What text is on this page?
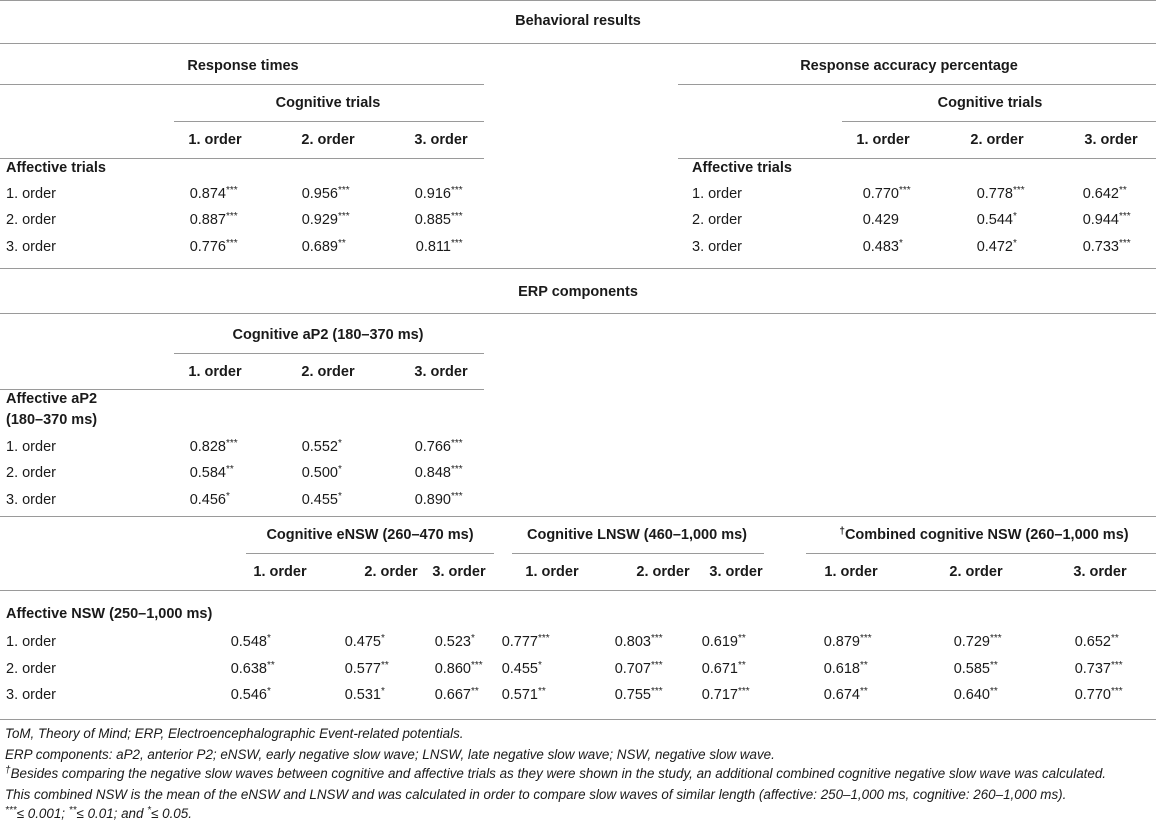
Behavioral results
Response times
Cognitive trials
1. order	2. order	3. order
Affective trials
Response accuracy percentage
Cognitive trials
1. order	2. order	3. order
Affective trials
1. order	0.874***	0.956***	0.916***
2. order	0.887***	0.929***	0.885***
3. order	0.776***	0.689**	0.811***
1. order	0.770***	0.778***	0.642**
2. order	0.429	0.544*	0.944***
3. order	0.483*	0.472*	0.733***
ERP components
Cognitive aP2 (180–370 ms)
1. order	2. order	3. order
Affective aP2
(180–370 ms)
1. order	0.828***	0.552*	0.766***
2. order	0.584**	0.500*	0.848***
3. order	0.456*	0.455*	0.890***
Cognitive eNSW (260–470 ms)	Cognitive LNSW (460–1,000 ms)	†Combined cognitive NSW (260–1,000 ms)
1. order	2. order 3. order	1. order	2. order 3. order	1. order	2. order	3. order
Affective NSW (250–1,000 ms)
1. order	0.548*	0.475*	0.523*	0.777***	0.803***	0.619**	0.879***	0.729***	0.652**
2. order	0.638**	0.577**	0.860***	0.455*	0.707***	0.671**	0.618**	0.585**	0.737***
3. order	0.546*	0.531*	0.667**	0.571**	0.755***	0.717***	0.674**	0.640**	0.770***
ToM, Theory of Mind; ERP, Electroencephalographic Event-related potentials.
ERP components: aP2, anterior P2; eNSW, early negative slow wave; LNSW, late negative slow wave; NSW, negative slow wave.
†Besides comparing the negative slow waves between cognitive and affective trials as they were shown in the study, an additional combined cognitive negative slow wave was calculated.
This combined NSW is the mean of the eNSW and LNSW and was calculated in order to compare slow waves of similar length (affective: 250–1,000 ms, cognitive: 260–1,000 ms).
***≤ 0.001; **≤ 0.01; and *≤ 0.05.
